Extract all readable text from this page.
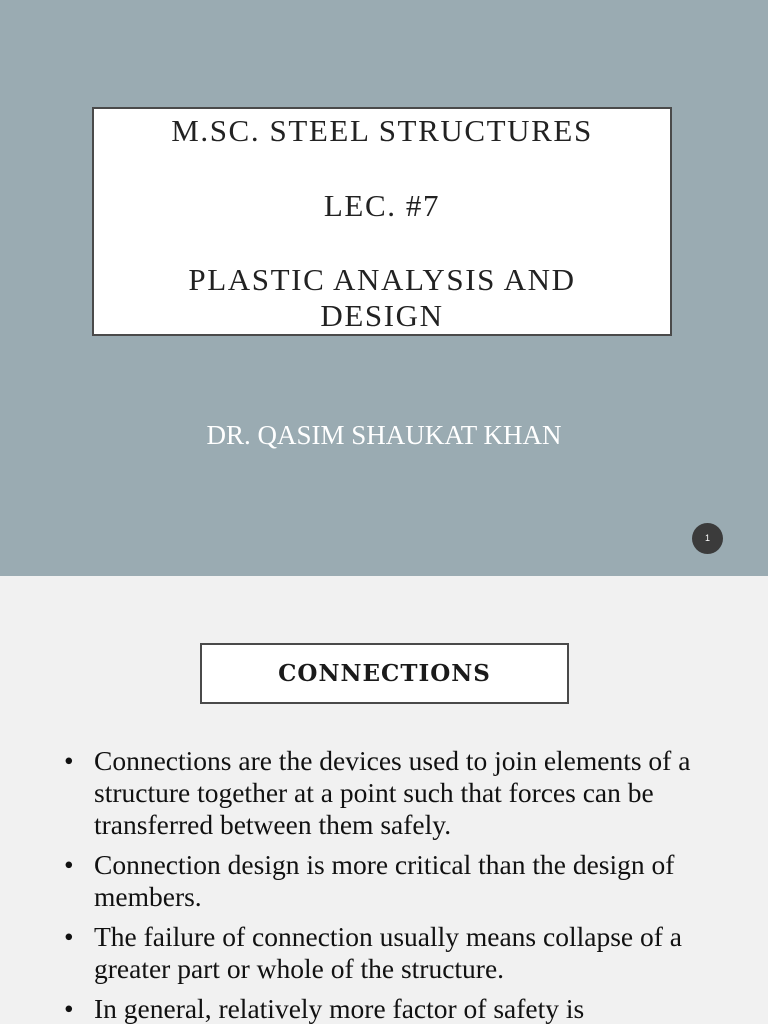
M.SC. STEEL STRUCTURES
LEC. #7
PLASTIC ANALYSIS AND
DESIGN
DR. QASIM SHAUKAT KHAN
1
CONNECTIONS
• Connections are the devices used to join elements of a structure together at a point such that forces can be transferred between them safely.
• Connection design is more critical than the design of members.
• The failure of connection usually means collapse of a greater part or whole of the structure.
• In general, relatively more factor of safety is
